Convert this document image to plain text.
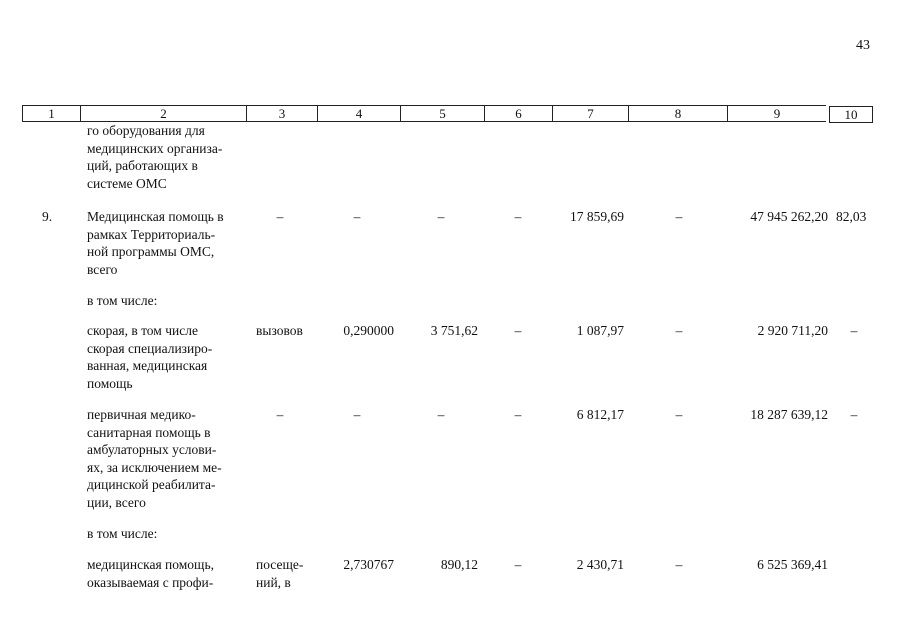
43
1	2	3	4	5	6	7	8	9	10
го оборудования для
медицинских организа-
ций, работающих в
системе ОМС
9.	Медицинская помощь в
рамках Территориаль-
ной программы ОМС,
всего
–	–	–	–	17 859,69	–	47 945 262,20 82,03
в том числе:
скорая, в том числе
скорая специализиро-
ванная, медицинская
помощь
вызовов	0,290000	3 751,62	–	1 087,97	–	2 920 711,20	–
первичная медико-
санитарная помощь в
амбулаторных услови-
ях, за исключением ме-
дицинской реабилита-
ции, всего
–	–	–	–	6 812,17	–	18 287 639,12	–
в том числе:
медицинская помощь,
оказываемая с профи-
посеще-
ний, в
2,730767	890,12	–	2 430,71	–	6 525 369,41
